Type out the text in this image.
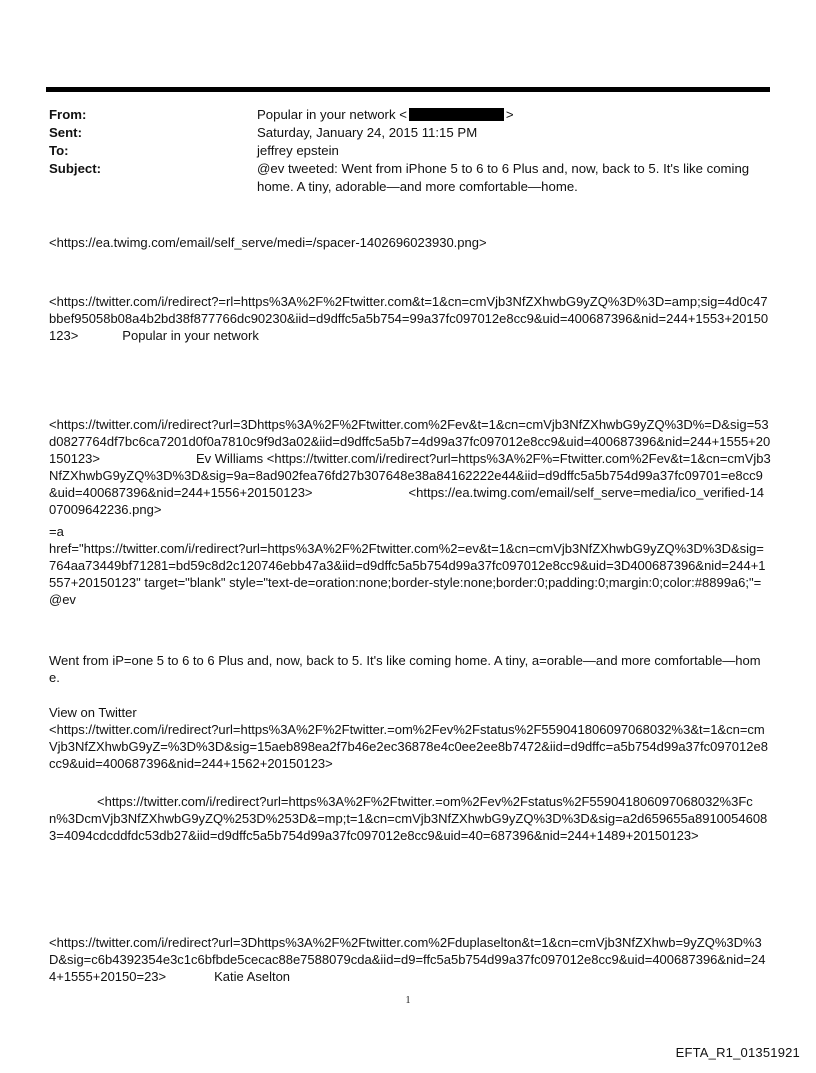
From:	Popular in your network <	>
Sent:	Saturday, January 24, 2015 11:15 PM
To:	jeffrey epstein
Subject:	@ev tweeted: Went from iPhone 5 to 6 to 6 Plus and, now, back to 5. It's like coming home. A tiny, adorable—and more comfortable—home.
<https://ea.twimg.com/email/self_serve/medi=/spacer-1402696023930.png>
<https://twitter.com/i/redirect?=rl=https%3A%2F%2Ftwitter.com&t=1&cn=cmVjb3NfZXhwbG9yZQ%3D%3D=amp;sig=4d0c47bbef95058b08a4b2bd38f877766dc90230&iid=d9dffc5a5b754=99a37fc097012e8cc9&uid=400687396&nid=244+1553+20150123>	Popular in your network
<https://twitter.com/i/redirect?url=3Dhttps%3A%2F%2Ftwitter.com%2Fev&t=1&cn=cmVjb3NfZXhwbG9yZQ%3D%=D&sig=53d0827764df7bc6ca7201d0f0a7810c9f9d3a02&iid=d9dffc5a5b7=4d99a37fc097012e8cc9&uid=400687396&nid=244+1555+20150123>	Ev Williams <https://twitter.com/i/redirect?url=https%3A%2F%=Ftwitter.com%2Fev&t=1&cn=cmVjb3NfZXhwbG9yZQ%3D%3D&sig=9a=8ad902fea76fd27b307648e38a84162222e44&iid=d9dffc5a5b754d99a37fc09701=e8cc9&uid=400687396&nid=244+1556+20150123>	<https://ea.twimg.com/email/self_serve=media/ico_verified-1407009642236.png>
=a
href="https://twitter.com/i/redirect?url=https%3A%2F%2Ftwitter.com%2=ev&t=1&cn=cmVjb3NfZXhwbG9yZQ%3D%3D&sig=764aa73449bf71281=bd59c8d2c120746ebb47a3&iid=d9dffc5a5b754d99a37fc097012e8cc9&uid=3D400687396&nid=244+1557+20150123" target="blank" style="text-de=oration:none;border-style:none;border:0;padding:0;margin:0;color:#8899a6;"= @ev
Went from iP=one 5 to 6 to 6 Plus and, now, back to 5. It's like coming home. A tiny, a=orable—and more comfortable—home.
View on Twitter
<https://twitter.com/i/redirect?url=https%3A%2F%2Ftwitter.=om%2Fev%2Fstatus%2F559041806097068032%3&t=1&cn=cmVjb3NfZXhwbG9yZ=%3D%3D&sig=15aeb898ea2f7b46e2ec36878e4c0ee2ee8b7472&iid=d9dffc=a5b754d99a37fc097012e8cc9&uid=400687396&nid=244+1562+20150123>
<https://twitter.com/i/redirect?url=https%3A%2F%2Ftwitter.=om%2Fev%2Fstatus%2F559041806097068032%3Fcn%3DcmVjb3NfZXhwbG9yZQ%253D%253D&=mp;t=1&cn=cmVjb3NfZXhwbG9yZQ%3D%3D&sig=a2d659655a89100546083=4094cdcddfdc53db27&iid=d9dffc5a5b754d99a37fc097012e8cc9&uid=40=687396&nid=244+1489+20150123>
<https://twitter.com/i/redirect?url=3Dhttps%3A%2F%2Ftwitter.com%2Fduplaselton&t=1&cn=cmVjb3NfZXhwb=9yZQ%3D%3D&sig=c6b4392354e3c1c6bfbde5cecac88e7588079cda&iid=d9=ffc5a5b754d99a37fc097012e8cc9&uid=400687396&nid=244+1555+20150=23>	Katie Aselton
1
EFTA_R1_01351921
